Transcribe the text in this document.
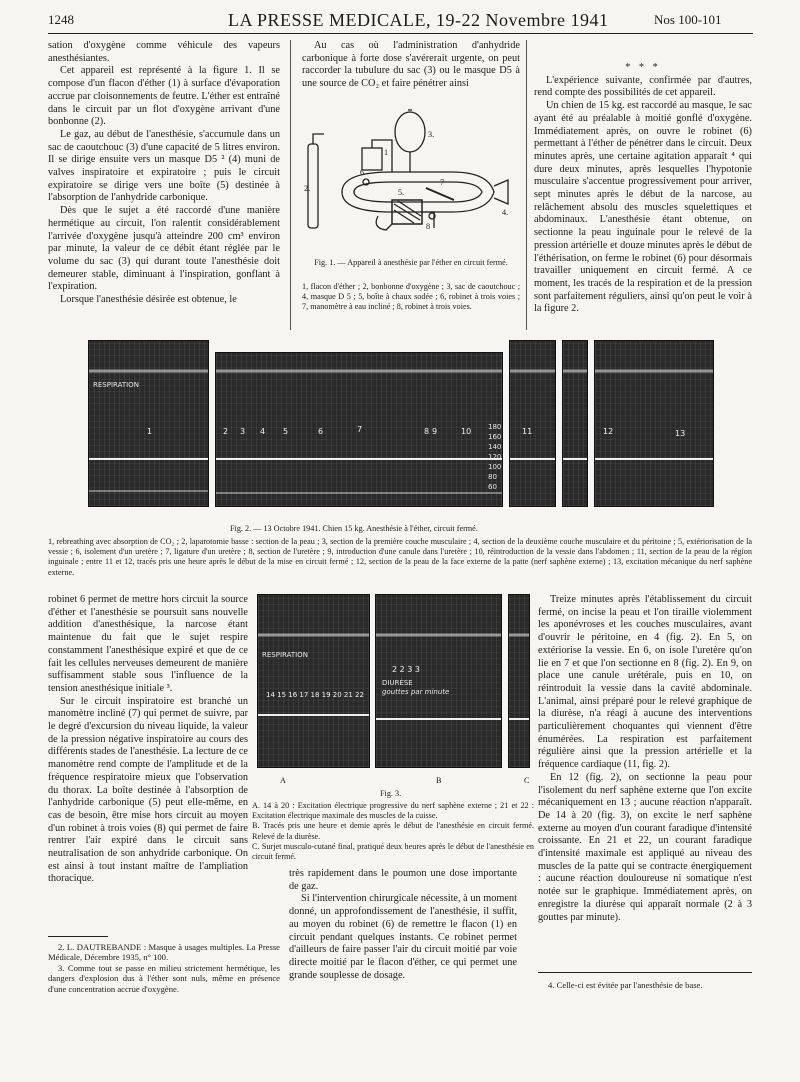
1248	LA PRESSE MEDICALE, 19-22 Novembre 1941	Nos 100-101

sation d'oxygène comme véhicule des vapeurs anesthésiantes.

Cet appareil est représenté à la figure 1. Il se compose d'un flacon d'éther (1) à surface d'évaporation accrue par cloisonnements de feutre. L'éther est entraîné dans le circuit par un flot d'oxygène arrivant d'une bonbonne (2).

Le gaz, au début de l'anesthésie, s'accumule dans un sac de caoutchouc (3) d'une capacité de 5 litres environ. Il se dirige ensuite vers un masque D5 ² (4) muni de valves inspiratoire et expiratoire ; puis le circuit expiratoire se dirige vers une boîte (5) destinée à l'absorption de l'anhydride carbonique.

Dès que le sujet a été raccordé d'une manière hermétique au circuit, l'on ralentit considérablement l'arrivée d'oxygène jusqu'à atteindre 200 cm³ environ par minute, la valeur de ce débit étant réglée par le volume du sac (3) qui durant toute l'anesthésie doit demeurer stable, diminuant à l'inspiration, gonflant à l'expiration.

Lorsque l'anesthésie désirée est obtenue, le

Au cas où l'administration d'anhydride carbonique à forte dose s'avérerait urgente, on peut raccorder la tubulure du sac (3) ou le masque D5 à une source de CO₂ et faire pénétrer ainsi

2.
3.
1
5.
6
7
8
4.
Fig. 1. — Appareil à anesthésie par l'éther en circuit fermé.
1, flacon d'éther ; 2, bonbonne d'oxygène ; 3, sac de caoutchouc ; 4, masque D 5 ; 5, boîte à chaux sodée ; 6, robinet à trois voies ; 7, manomètre à eau incliné ; 8, robinet à trois voies.

* * *

L'expérience suivante, confirmée par d'autres, rend compte des possibilités de cet appareil.

Un chien de 15 kg. est raccordé au masque, le sac ayant été au préalable à moitié gonflé d'oxygène. Immédiatement après, on ouvre le robinet (6) permettant à l'éther de pénétrer dans le circuit. Deux minutes après, une certaine agitation apparaît ⁴ qui dure deux minutes, après lesquelles l'hypotonie musculaire s'accentue progressivement pour arriver, sept minutes après le début de la narcose, au relâchement absolu des muscles squelettiques et abdominaux. L'anesthésie étant obtenue, on sectionne la peau inguinale pour le relevé de la pression artérielle et douze minutes après le début de l'éthérisation, on ferme le robinet (6) pour désormais travailler uniquement en circuit fermé. A ce moment, les tracés de la respiration et de la pression sont parfaitement réguliers, ainsi qu'on peut le voir à la figure 2.

RESPIRATION
1	2 3 4 5	6	7	8 9	10 180
160
140
120
100
80
60
11	12	13
Fig. 2. — 13 Octobre 1941. Chien 15 kg. Anesthésie à l'éther, circuit fermé.
1, rebreathing avec absorption de CO₂ ; 2, laparotomie basse : section de la peau ; 3, section de la première couche musculaire ; 4, section de la deuxième couche musculaire et du péritoine ; 5, extériorisation de la vessie ; 6, isolement d'un uretère ; 7, ligature d'un uretère ; 8, section de l'uretère ; 9, introduction d'une canule dans l'uretère ; 10, réintroduction de la vessie dans l'abdomen ; 11, section de la peau de la région inguinale ; entre 11 et 12, tracés pris une heure après le début de la mise en circuit fermé ; 12, section de la peau de la face externe de la patte (nerf saphène externe) ; 13, excitation mécanique du nerf saphène externe.

robinet 6 permet de mettre hors circuit la source d'éther et l'anesthésie se poursuit sans nouvelle addition d'anesthésique, la narcose étant maintenue du fait que le sujet respire constamment l'anesthésique expiré et que de ce fait les cellules nerveuses demeurent de manière suffisamment stable sous l'influence de la tension anesthésique initiale ³.

Sur le circuit inspiratoire est branché un manomètre incliné (7) qui permet de suivre, par le degré d'excursion du niveau liquide, la valeur de la pression négative inspiratoire au cours des différents stades de l'anesthésie. La lecture de ce manomètre rend compte de l'amplitude et de la fréquence respiratoire mieux que l'observation du thorax. La boîte destinée à l'absorption de l'anhydride carbonique (5) peut elle-même, en cas de besoin, être mise hors circuit au moyen d'un robinet à trois voies (8) qui permet de faire rentrer l'air expiré dans le circuit sans neutralisation de son anhydride carbonique. On est ainsi à tout instant maître de l'ampliation thoracique.

RESPIRATION
14 15 16 17 18 19 20 21 22
2 2 3 3
DIURÈSE
gouttes par minute
A	B	C
Fig. 3.
A. 14 à 20 : Excitation électrique progressive du nerf saphène externe ; 21 et 22 : Excitation électrique maximale des muscles de la cuisse.
B. Tracés pris une heure et demie après le début de l'anesthésie en circuit fermé. Relevé de la diurèse.
C. Surjet musculo-cutané final, pratiqué deux heures après le début de l'anesthésie en circuit fermé.

très rapidement dans le poumon une dose importante de gaz.

Si l'intervention chirurgicale nécessite, à un moment donné, un approfondissement de l'anesthésie, il suffit, au moyen du robinet (6) de remettre le flacon (1) en circuit pendant quelques instants. Ce robinet permet d'ailleurs de faire passer l'air du circuit moitié par voie directe moitié par le flacon d'éther, ce qui permet une grande souplesse de dosage.

Treize minutes après l'établissement du circuit fermé, on incise la peau et l'on tiraille violemment les aponévroses et les couches musculaires, avant d'ouvrir le péritoine, en 4 (fig. 2). En 5, on extériorise la vessie. En 6, on isole l'uretère qu'on lie en 7 et que l'on sectionne en 8 (fig. 2). En 9, on place une canule urétérale, puis en 10, on réintroduit la vessie dans la cavité abdominale. L'animal, ainsi préparé pour le relevé graphique de la diurèse, n'a réagi à aucune des interventions particulièrement choquantes qui viennent d'être énumérées. La respiration est parfaitement régulière ainsi que la pression artérielle et la fréquence cardiaque (11, fig. 2).

En 12 (fig. 2), on sectionne la peau pour l'isolement du nerf saphène externe que l'on excite mécaniquement en 13 ; aucune réaction n'apparaît. De 14 à 20 (fig. 3), on excite le nerf saphène externe au moyen d'un courant faradique d'intensité croissante. En 21 et 22, un courant faradique d'intensité maximale est appliqué au niveau des muscles de la patte qui se contracte énergiquement : aucune réaction douloureuse ni somatique n'est notée sur le graphique. Immédiatement après, on enregistre la diurèse qui apparaît normale (2 à 3 gouttes par minute).

2. L. DAUTREBANDE : Masque à usages multiples. La Presse Médicale, Décembre 1935, n° 100.

3. Comme tout se passe en milieu strictement hermétique, les dangers d'explosion dus à l'éther sont nuls, même en présence d'une concentration accrue d'oxygène.	4. Celle-ci est évitée par l'anesthésie de base.
